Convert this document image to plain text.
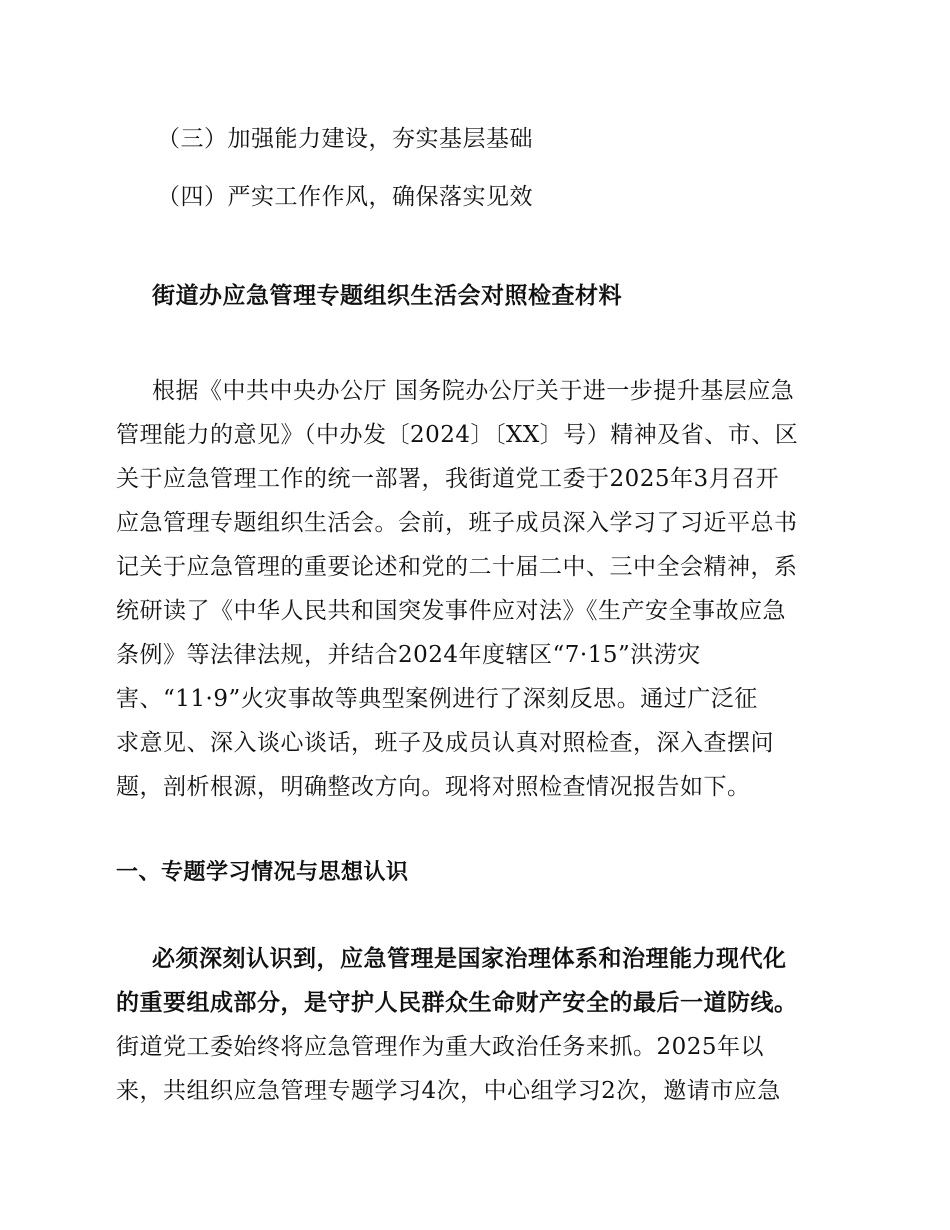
（三）加强能力建设，夯实基层基础
（四）严实工作作风，确保落实见效
街道办应急管理专题组织生活会对照检查材料
根据《中共中央办公厅 国务院办公厅关于进一步提升基层应急
管理能力的意见》（中办发〔2024〕〔XX〕号）精神及省、市、区
关于应急管理工作的统一部署，我街道党工委于2025年3月召开
应急管理专题组织生活会。会前，班子成员深入学习了习近平总书
记关于应急管理的重要论述和党的二十届二中、三中全会精神，系
统研读了《中华人民共和国突发事件应对法》《生产安全事故应急
条例》等法律法规，并结合2024年度辖区“7·15”洪涝灾
害、“11·9”火灾事故等典型案例进行了深刻反思。通过广泛征
求意见、深入谈心谈话，班子及成员认真对照检查，深入查摆问
题，剖析根源，明确整改方向。现将对照检查情况报告如下。
一、专题学习情况与思想认识
必须深刻认识到，应急管理是国家治理体系和治理能力现代化
的重要组成部分，是守护人民群众生命财产安全的最后一道防线。
街道党工委始终将应急管理作为重大政治任务来抓。2025年以
来，共组织应急管理专题学习4次，中心组学习2次，邀请市应急
